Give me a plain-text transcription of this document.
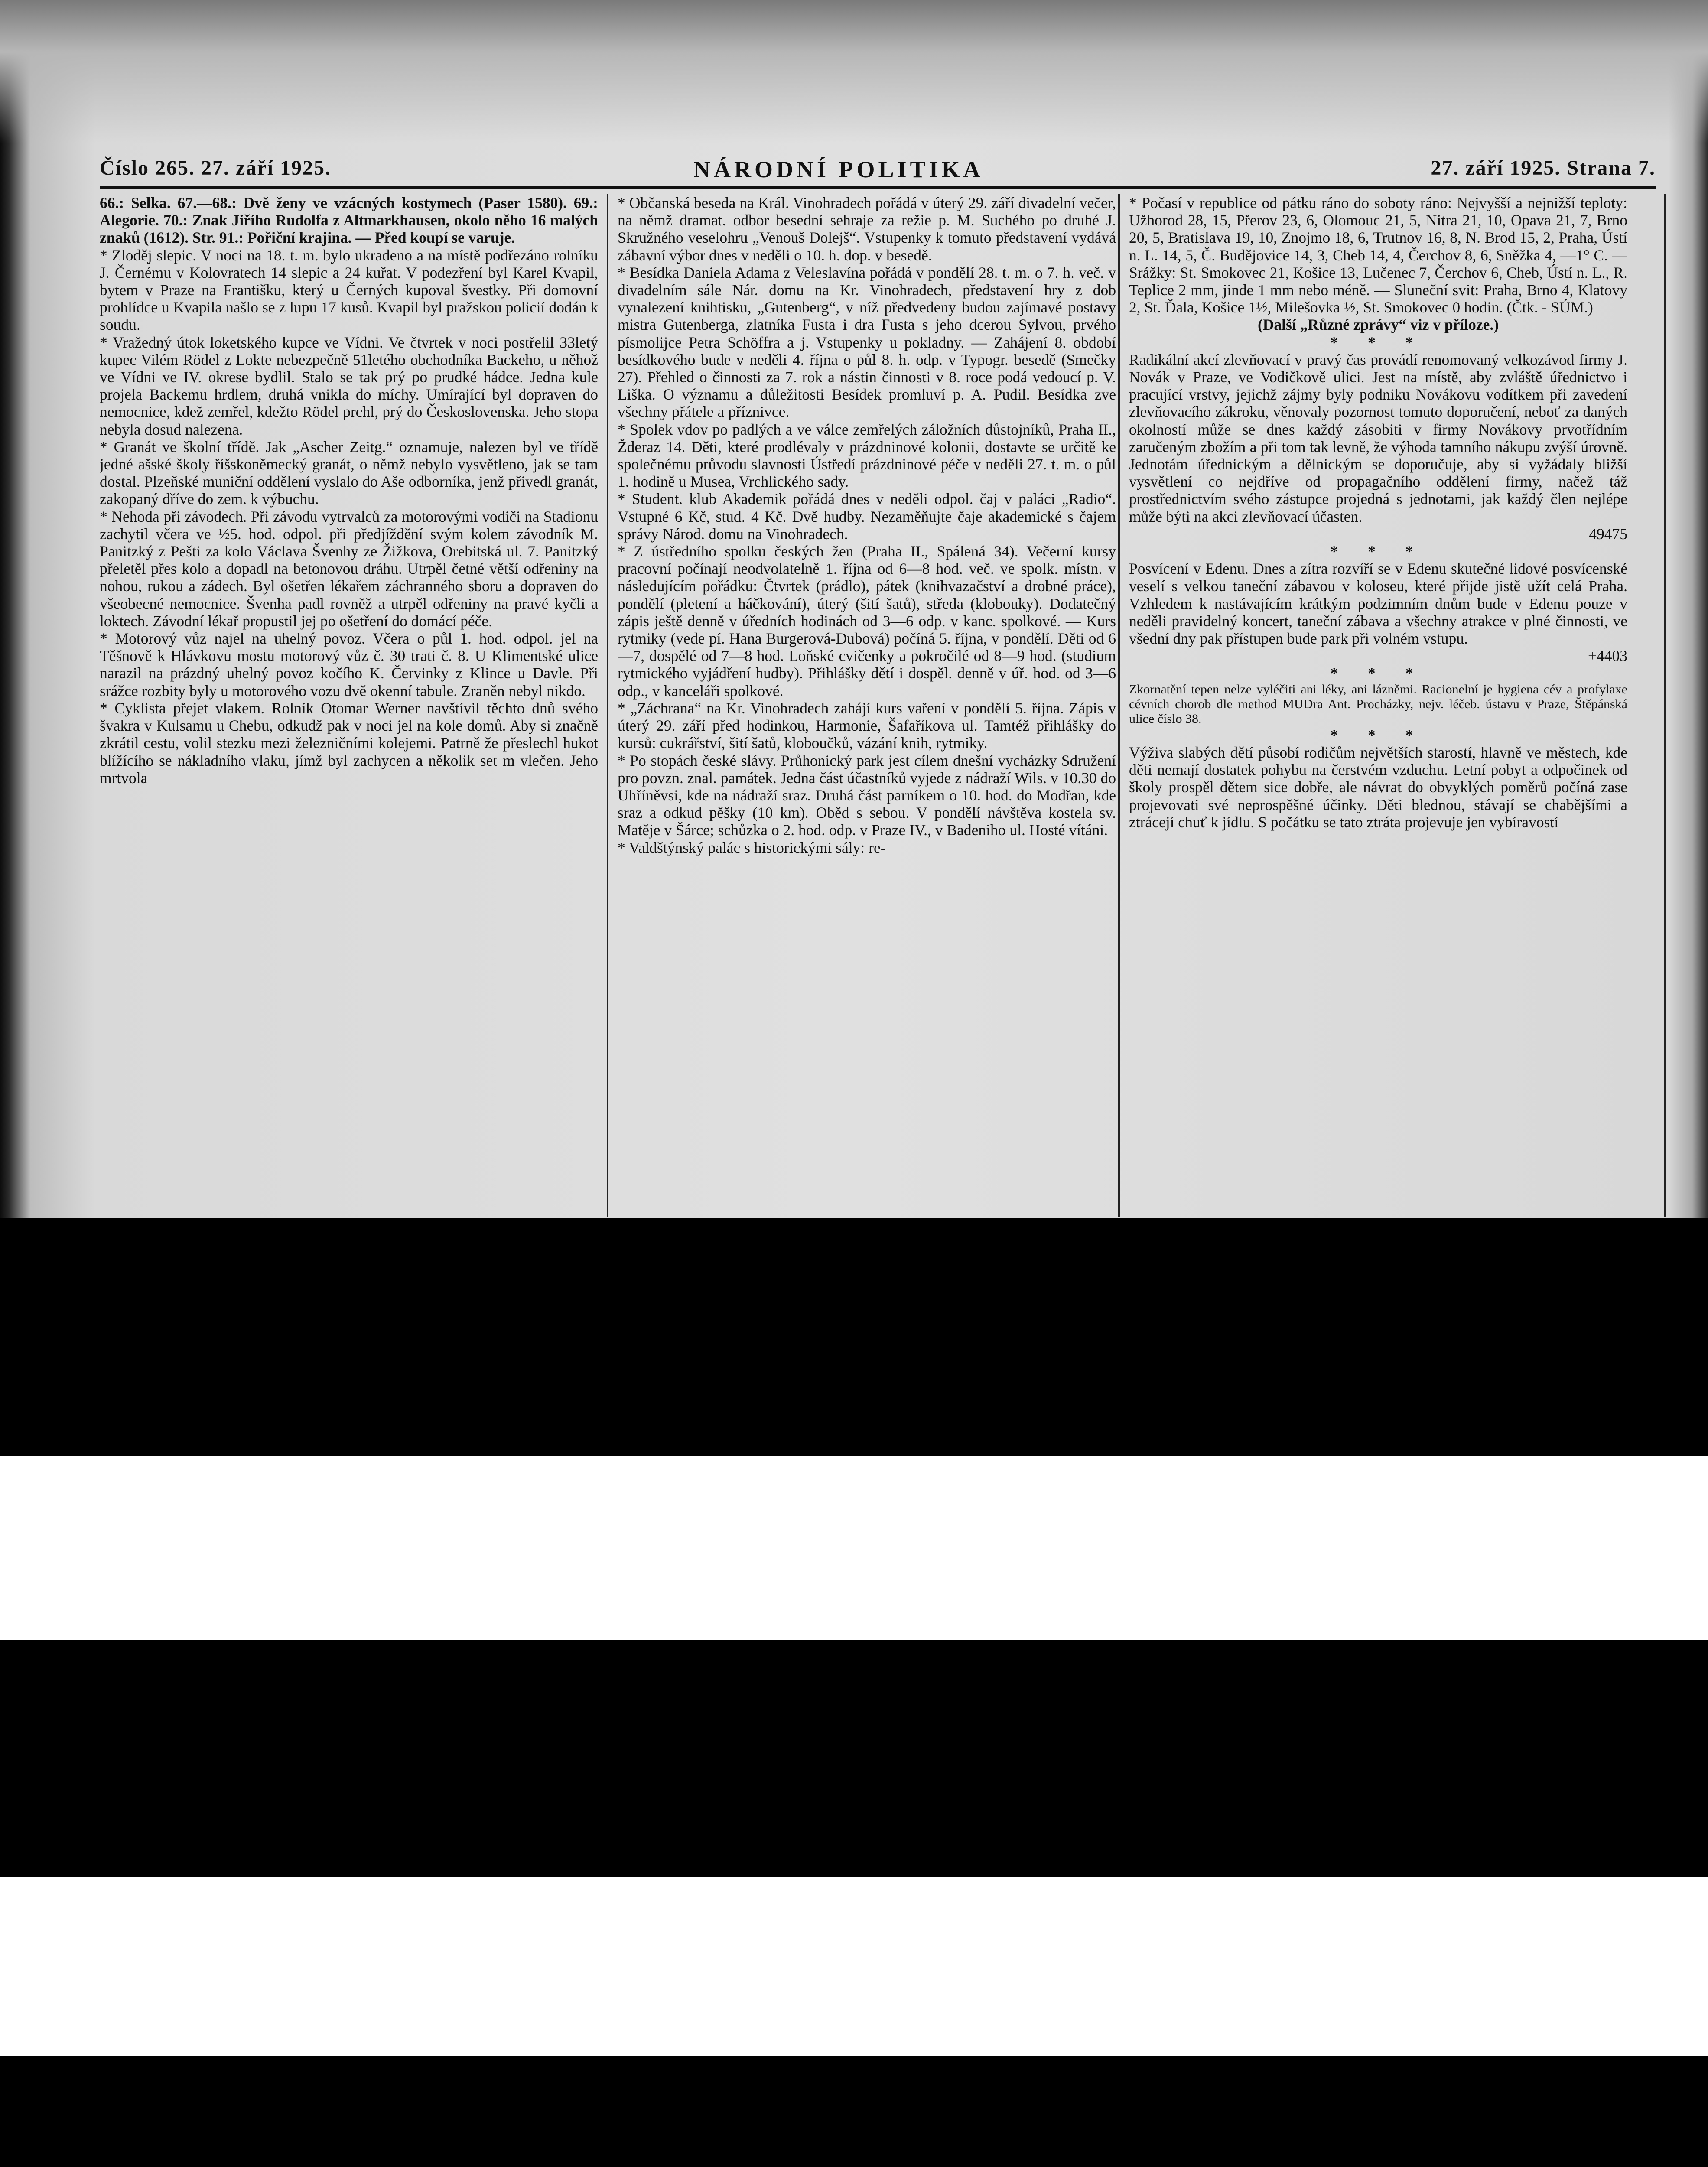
Číslo 265. 27. září 1925.	NÁRODNÍ POLITIKA	27. září 1925. Strana 7.

66.: Selka. 67.—68.: Dvě ženy ve vzácných kostymech (Paser 1580). 69.: Alegorie. 70.: Znak Jiřího Rudolfa z Altmarkhausen, okolo něho 16 malých znaků (1612). Str. 91.: Pořiční krajina. — Před koupí se varuje.

* Zloděj slepic. V noci na 18. t. m. bylo ukradeno a na místě podřezáno rolníku J. Černému v Kolovratech 14 slepic a 24 kuřat. V podezření byl Karel Kvapil, bytem v Praze na Františku, který u Černých kupoval švestky. Při domovní prohlídce u Kvapila našlo se z lupu 17 kusů. Kvapil byl pražskou policií dodán k soudu.

* Vražedný útok loketského kupce ve Vídni. Ve čtvrtek v noci postřelil 33letý kupec Vilém Rödel z Lokte nebezpečně 51letého obchodníka Backeho, u něhož ve Vídni ve IV. okrese bydlil. Stalo se tak prý po prudké hádce. Jedna kule projela Backemu hrdlem, druhá vnikla do míchy. Umírající byl dopraven do nemocnice, kdež zemřel, kdežto Rödel prchl, prý do Československa. Jeho stopa nebyla dosud nalezena.

* Granát ve školní třídě. Jak „Ascher Zeitg.“ oznamuje, nalezen byl ve třídě jedné ašské školy říšskoněmecký granát, o němž nebylo vysvětleno, jak se tam dostal. Plzeňské muniční oddělení vyslalo do Aše odborníka, jenž přivedl granát, zakopaný dříve do zem. k výbuchu.

* Nehoda při závodech. Při závodu vytrvalců za motorovými vodiči na Stadionu zachytil včera ve ½5. hod. odpol. při předjíždění svým kolem závodník M. Panitzký z Pešti za kolo Václava Švenhy ze Žižkova, Orebitská ul. 7. Panitzký přeletěl přes kolo a dopadl na betonovou dráhu. Utrpěl četné větší odřeniny na nohou, rukou a zádech. Byl ošetřen lékařem záchranného sboru a dopraven do všeobecné nemocnice. Švenha padl rovněž a utrpěl odřeniny na pravé kyčli a loktech. Závodní lékař propustil jej po ošetření do domácí péče.

* Motorový vůz najel na uhelný povoz. Včera o půl 1. hod. odpol. jel na Těšnově k Hlávkovu mostu motorový vůz č. 30 trati č. 8. U Klimentské ulice narazil na prázdný uhelný povoz kočího K. Červinky z Klince u Davle. Při srážce rozbity byly u motorového vozu dvě okenní tabule. Zraněn nebyl nikdo.

* Cyklista přejet vlakem. Rolník Otomar Werner navštívil těchto dnů svého švakra v Kulsamu u Chebu, odkudž pak v noci jel na kole domů. Aby si značně zkrátil cestu, volil stezku mezi železničními kolejemi. Patrně že přeslechl hukot blížícího se nákladního vlaku, jímž byl zachycen a několik set m vlečen. Jeho mrtvola

* Občanská beseda na Král. Vinohradech pořádá v úterý 29. září divadelní večer, na němž dramat. odbor besední sehraje za režie p. M. Suchého po druhé J. Skružného veselohru „Venouš Dolejš“. Vstupenky k tomuto představení vydává zábavní výbor dnes v neděli o 10. h. dop. v besedě.

* Besídka Daniela Adama z Veleslavína pořádá v pondělí 28. t. m. o 7. h. več. v divadelním sále Nár. domu na Kr. Vinohradech, představení hry z dob vynalezení knihtisku, „Gutenberg“, v níž předvedeny budou zajímavé postavy mistra Gutenberga, zlatníka Fusta i dra Fusta s jeho dcerou Sylvou, prvého písmolijce Petra Schöffra a j. Vstupenky u pokladny. — Zahájení 8. období besídkového bude v neděli 4. října o půl 8. h. odp. v Typogr. besedě (Smečky 27). Přehled o činnosti za 7. rok a nástin činnosti v 8. roce podá vedoucí p. V. Liška. O významu a důležitosti Besídek promluví p. A. Pudil. Besídka zve všechny přátele a příznivce.

* Spolek vdov po padlých a ve válce zemřelých záložních důstojníků, Praha II., Žderaz 14. Děti, které prodlévaly v prázdninové kolonii, dostavte se určitě ke společnému průvodu slavnosti Ústředí prázdninové péče v neděli 27. t. m. o půl 1. hodině u Musea, Vrchlického sady.

* Student. klub Akademik pořádá dnes v neděli odpol. čaj v paláci „Radio“. Vstupné 6 Kč, stud. 4 Kč. Dvě hudby. Nezaměňujte čaje akademické s čajem správy Národ. domu na Vinohradech.

* Z ústředního spolku českých žen (Praha II., Spálená 34). Večerní kursy pracovní počínají neodvolatelně 1. října od 6—8 hod. več. ve spolk. místn. v následujícím pořádku: Čtvrtek (prádlo), pátek (knihvazačství a drobné práce), pondělí (pletení a háčkování), úterý (šití šatů), středa (klobouky). Dodatečný zápis ještě denně v úředních hodinách od 3—6 odp. v kanc. spolkové. — Kurs rytmiky (vede pí. Hana Burgerová-Dubová) počíná 5. října, v pondělí. Děti od 6—7, dospělé od 7—8 hod. Loňské cvičenky a pokročilé od 8—9 hod. (studium rytmického vyjádření hudby). Přihlášky dětí i dospěl. denně v úř. hod. od 3—6 odp., v kanceláři spolkové.

* „Záchrana“ na Kr. Vinohradech zahájí kurs vaření v pondělí 5. října. Zápis v úterý 29. září před hodinkou, Harmonie, Šafaříkova ul. Tamtéž přihlášky do kursů: cukrářství, šití šatů, kloboučků, vázání knih, rytmiky.

* Po stopách české slávy. Průhonický park jest cílem dnešní vycházky Sdružení pro povzn. znal. památek. Jedna část účastníků vyjede z nádraží Wils. v 10.30 do Uhříněvsi, kde na nádraží sraz. Druhá část parníkem o 10. hod. do Modřan, kde sraz a odkud pěšky (10 km). Oběd s sebou. V pondělí návštěva kostela sv. Matěje v Šárce; schůzka o 2. hod. odp. v Praze IV., v Badeniho ul. Hosté vítáni.

* Valdštýnský palác s historickými sály: re-

* Počasí v republice od pátku ráno do soboty ráno: Nejvyšší a nejnižší teploty: Užhorod 28, 15, Přerov 23, 6, Olomouc 21, 5, Nitra 21, 10, Opava 21, 7, Brno 20, 5, Bratislava 19, 10, Znojmo 18, 6, Trutnov 16, 8, N. Brod 15, 2, Praha, Ústí n. L. 14, 5, Č. Budějovice 14, 3, Cheb 14, 4, Čerchov 8, 6, Sněžka 4, —1° C. — Srážky: St. Smokovec 21, Košice 13, Lučenec 7, Čerchov 6, Cheb, Ústí n. L., R. Teplice 2 mm, jinde 1 mm nebo méně. — Sluneční svit: Praha, Brno 4, Klatovy 2, St. Ďala, Košice 1½, Milešovka ½, St. Smokovec 0 hodin. (Čtk. - SÚM.)

(Další „Různé zprávy“ viz v příloze.)

* * *

Radikální akcí zlevňovací v pravý čas provádí renomovaný velkozávod firmy J. Novák v Praze, ve Vodičkově ulici. Jest na místě, aby zvláště úřednictvo i pracující vrstvy, jejichž zájmy byly podniku Novákovu vodítkem při zavedení zlevňovacího zákroku, věnovaly pozornost tomuto doporučení, neboť za daných okolností může se dnes každý zásobiti v firmy Novákovy prvotřídním zaručeným zbožím a při tom tak levně, že výhoda tamního nákupu zvýší úrovně. Jednotám úřednickým a dělnickým se doporučuje, aby si vyžádaly bližší vysvětlení co nejdříve od propagačního oddělení firmy, načež táž prostřednictvím svého zástupce projedná s jednotami, jak každý člen nejlépe může býti na akci zlevňovací účasten.

49475

* * *

Posvícení v Edenu. Dnes a zítra rozvíří se v Edenu skutečné lidové posvícenské veselí s velkou taneční zábavou v koloseu, které přijde jistě užít celá Praha. Vzhledem k nastávajícím krátkým podzimním dnům bude v Edenu pouze v neděli pravidelný koncert, taneční zábava a všechny atrakce v plné činnosti, ve všední dny pak přístupen bude park při volném vstupu.

+4403

* * *

Zkornatění tepen nelze vyléčiti ani léky, ani lázněmi. Racionelní je hygiena cév a profylaxe cévních chorob dle method MUDra Ant. Procházky, nejv. léčeb. ústavu v Praze, Štěpánská ulice číslo 38.

* * *

Výživa slabých dětí působí rodičům největších starostí, hlavně ve městech, kde děti nemají dostatek pohybu na čerstvém vzduchu. Letní pobyt a odpočinek od školy prospěl dětem sice dobře, ale návrat do obvyklých poměrů počíná zase projevovati své neprospěšné účinky. Děti blednou, stávají se chabějšími a ztrácejí chuť k jídlu. S počátku se tato ztráta projevuje jen vybíravostí
